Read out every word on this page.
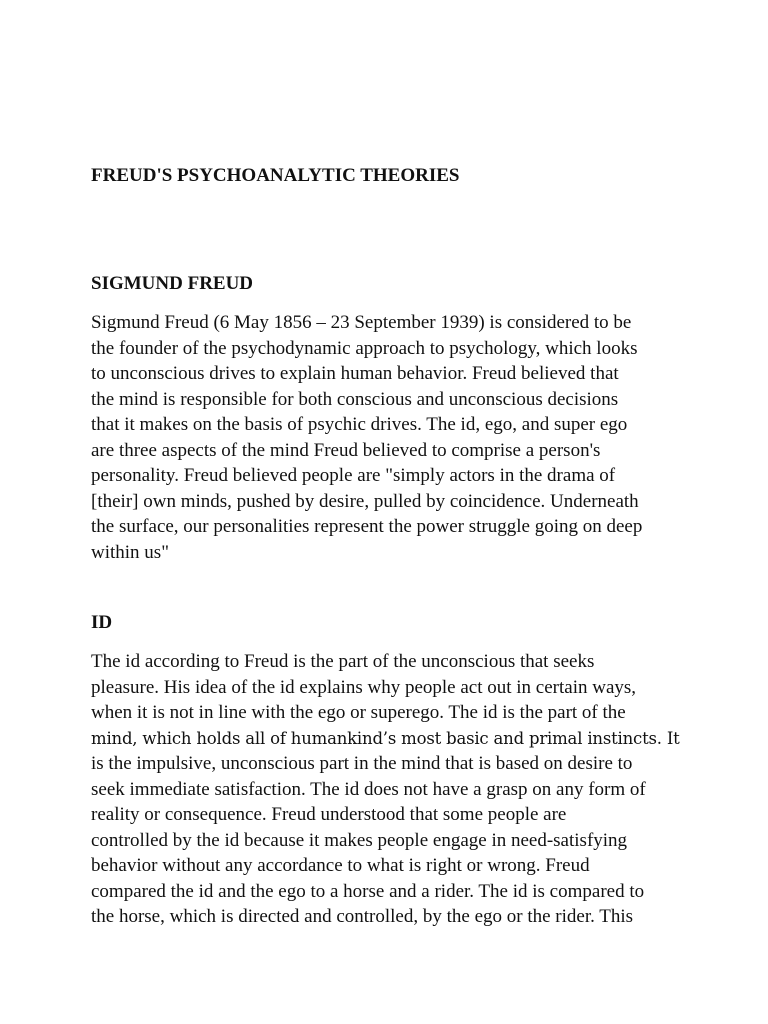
FREUD'S PSYCHOANALYTIC THEORIES
SIGMUND FREUD

Sigmund Freud (6 May 1856 – 23 September 1939) is considered to be
the founder of the psychodynamic approach to psychology, which looks
to unconscious drives to explain human behavior. Freud believed that
the mind is responsible for both conscious and unconscious decisions
that it makes on the basis of psychic drives. The id, ego, and super ego
are three aspects of the mind Freud believed to comprise a person's
personality. Freud believed people are "simply actors in the drama of
[their] own minds, pushed by desire, pulled by coincidence. Underneath
the surface, our personalities represent the power struggle going on deep
within us"

ID

The id according to Freud is the part of the unconscious that seeks
pleasure. His idea of the id explains why people act out in certain ways,
when it is not in line with the ego or superego. The id is the part of the
mind, which holds all of humankind’s most basic and primal instincts. It
is the impulsive, unconscious part in the mind that is based on desire to
seek immediate satisfaction. The id does not have a grasp on any form of
reality or consequence. Freud understood that some people are
controlled by the id because it makes people engage in need-satisfying
behavior without any accordance to what is right or wrong. Freud
compared the id and the ego to a horse and a rider. The id is compared to
the horse, which is directed and controlled, by the ego or the rider. This
